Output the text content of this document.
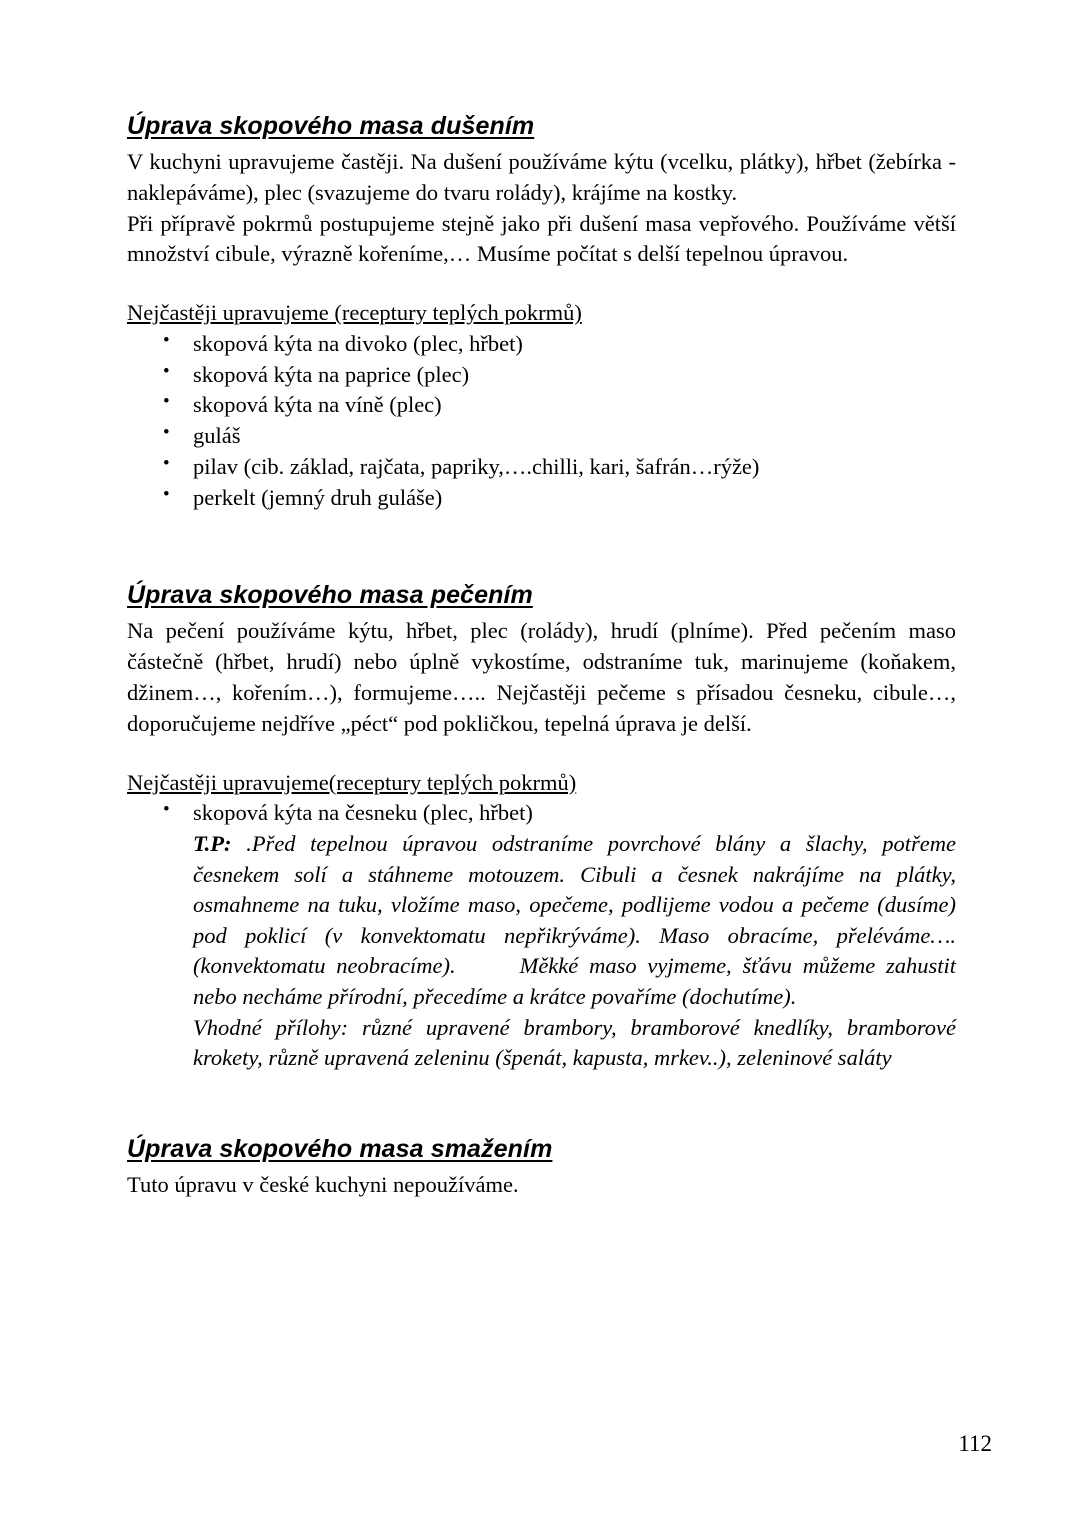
Úprava skopového masa dušením

V kuchyni upravujeme častěji. Na dušení používáme kýtu (vcelku, plátky), hřbet (žebírka - naklepáváme), plec (svazujeme do tvaru rolády), krájíme na kostky.

Při přípravě pokrmů postupujeme stejně jako při dušení masa vepřového. Používáme větší množství cibule, výrazně kořeníme,… Musíme počítat s delší tepelnou úpravou.

Nejčastěji upravujeme (receptury teplých pokrmů)

• skopová kýta na divoko (plec, hřbet)
• skopová kýta na paprice (plec)
• skopová kýta na víně (plec)
• guláš
• pilav (cib. základ, rajčata, papriky,….chilli, kari, šafrán…rýže)
• perkelt (jemný druh guláše)
Úprava skopového masa pečením

Na pečení používáme kýtu, hřbet, plec (rolády), hrudí (plníme). Před pečením maso částečně (hřbet, hrudí) nebo úplně vykostíme, odstraníme tuk, marinujeme (koňakem, džinem…, kořením…), formujeme….. Nejčastěji pečeme s přísadou česneku, cibule…, doporučujeme nejdříve „péct“ pod pokličkou, tepelná úprava je delší.

Nejčastěji upravujeme(receptury teplých pokrmů)

• skopová kýta na česneku (plec, hřbet)

T.P: .Před tepelnou úpravou odstraníme povrchové blány a šlachy, potřeme česnekem solí a stáhneme motouzem. Cibuli a česnek nakrájíme na plátky, osmahneme na tuku, vložíme maso, opečeme, podlijeme vodou a pečeme (dusíme) pod poklicí (v konvektomatu nepřikrýváme). Maso obracíme, přeléváme….(konvektomatu neobracíme).	Měkké maso vyjmeme, šťávu můžeme zahustit nebo necháme přírodní, přecedíme a krátce povaříme (dochutíme).

Vhodné přílohy: různé upravené brambory, bramborové knedlíky, bramborové krokety, různě upravená zeleninu (špenát, kapusta, mrkev..), zeleninové saláty

Úprava skopového masa smažením

Tuto úpravu v české kuchyni nepoužíváme.

112
